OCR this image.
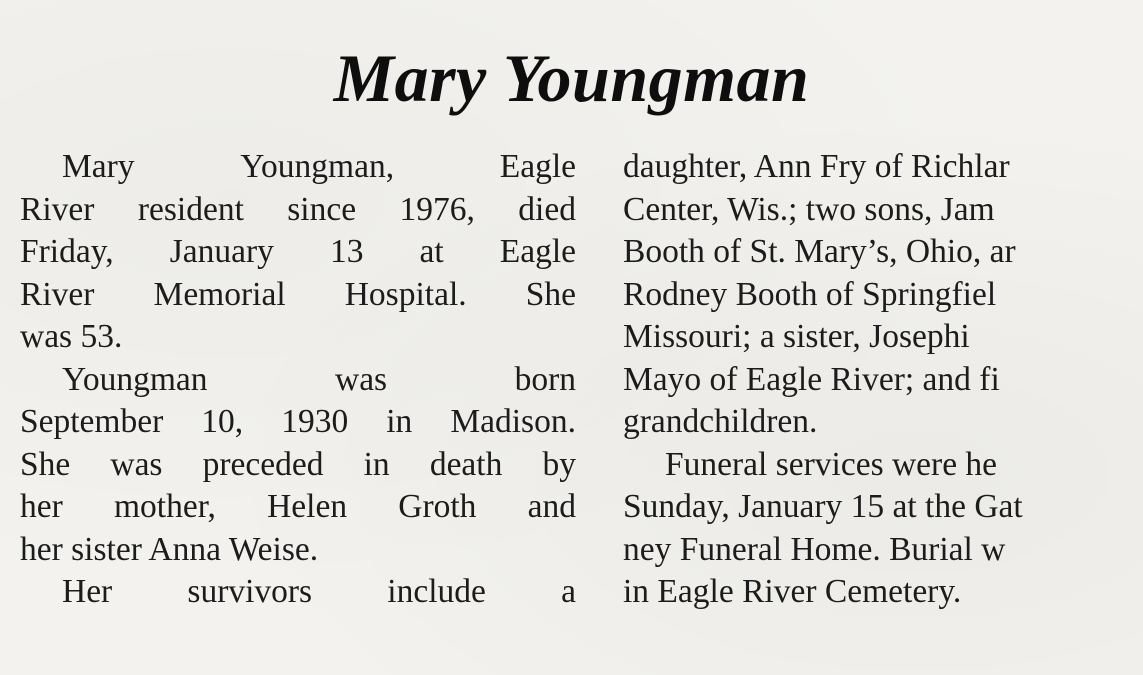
Mary Youngman
Mary	Youngman,	Eagle
River resident since 1976, died
Friday, January 13 at Eagle
River Memorial Hospital. She
was 53.
Youngman	was	born
September 10, 1930 in Madison.
She was preceded in death by
her mother, Helen Groth and
her sister Anna Weise.
Her survivors include a
daughter, Ann Fry of Richlar
Center, Wis.; two sons, Jam
Booth of St. Mary’s, Ohio, ar
Rodney Booth of Springfiel
Missouri; a sister, Josephi
Mayo of Eagle River; and fi
grandchildren.
Funeral services were he
Sunday, January 15 at the Gat
ney Funeral Home. Burial w
in Eagle River Cemetery.
